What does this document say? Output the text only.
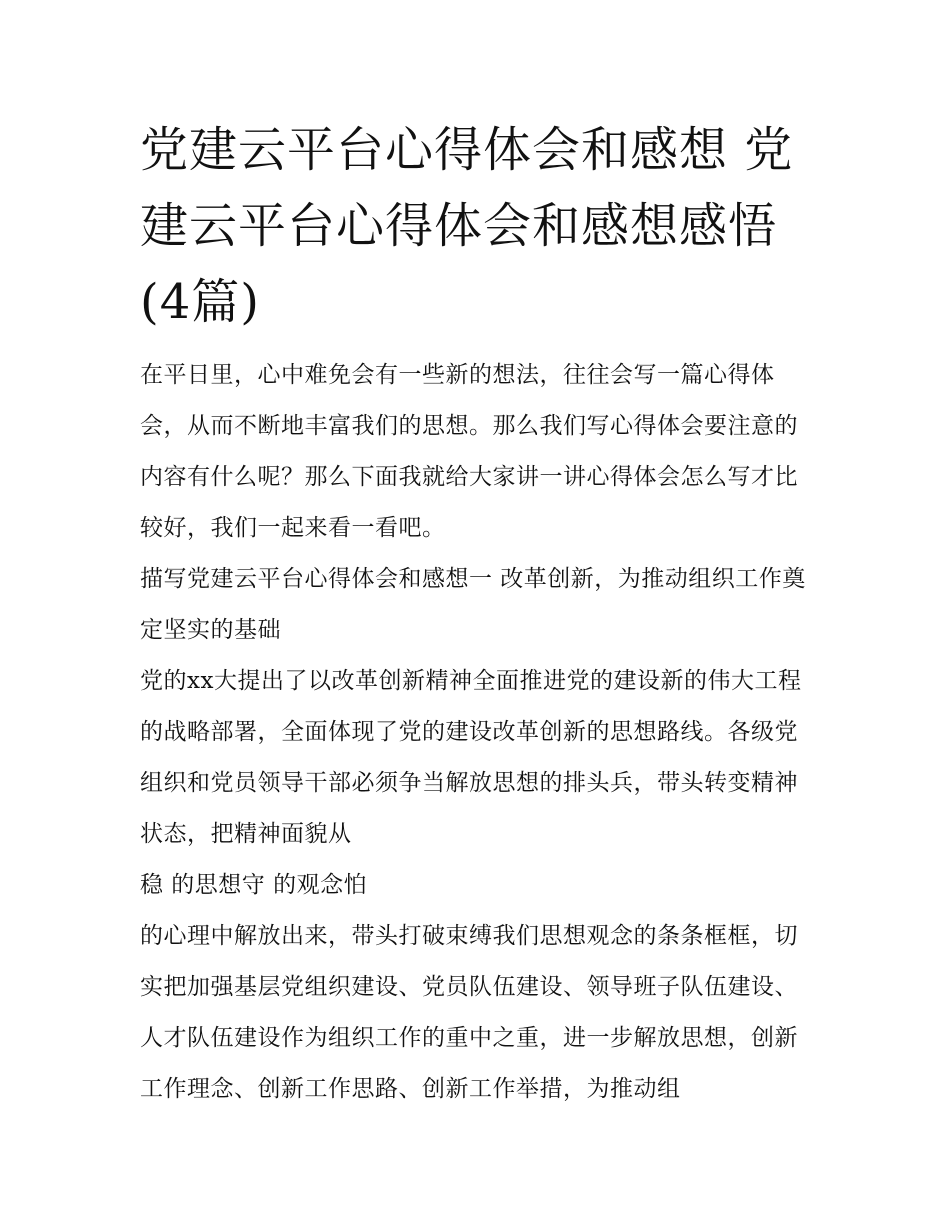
党建云平台心得体会和感想 党建云平台心得体会和感想感悟(4篇)

在平日里，心中难免会有一些新的想法，往往会写一篇心得体会，从而不断地丰富我们的思想。那么我们写心得体会要注意的内容有什么呢？那么下面我就给大家讲一讲心得体会怎么写才比较好，我们一起来看一看吧。

描写党建云平台心得体会和感想一 改革创新，为推动组织工作奠定坚实的基础

党的xx大提出了以改革创新精神全面推进党的建设新的伟大工程的战略部署，全面体现了党的建设改革创新的思想路线。各级党组织和党员领导干部必须争当解放思想的排头兵，带头转变精神状态，把精神面貌从

稳 的思想守 的观念怕

的心理中解放出来，带头打破束缚我们思想观念的条条框框，切实把加强基层党组织建设、党员队伍建设、领导班子队伍建设、人才队伍建设作为组织工作的重中之重，进一步解放思想，创新工作理念、创新工作思路、创新工作举措，为推动组
